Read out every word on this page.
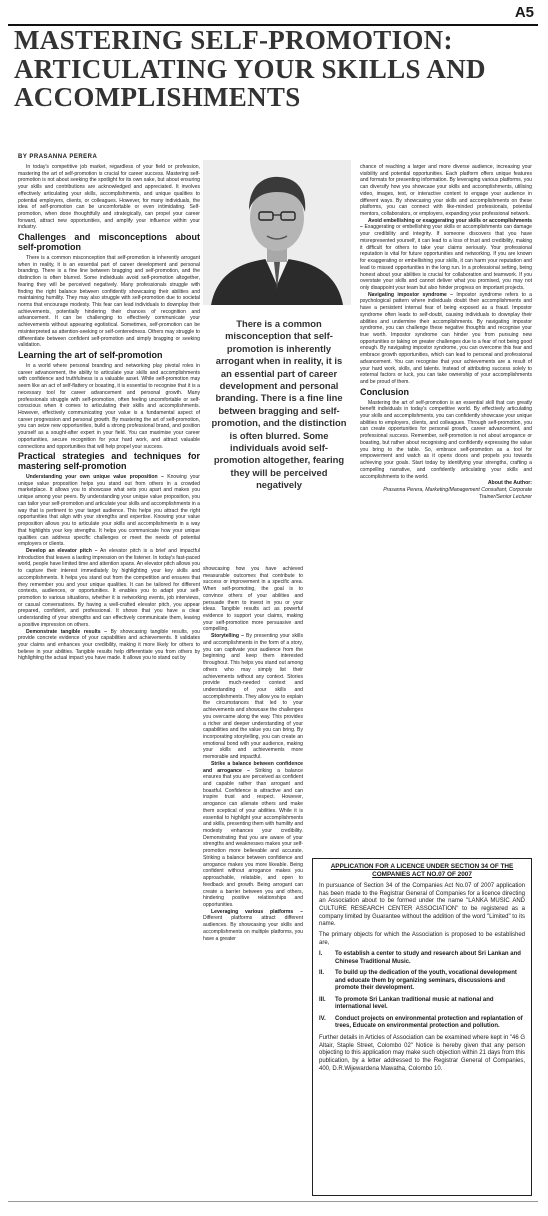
A5
MASTERING SELF-PROMOTION: ARTICULATING YOUR SKILLS AND ACCOMPLISHMENTS
BY PRASANNA PERERA

In today's competitive job market, regardless of your field or profession, mastering the art of self-promotion is crucial for career success. Mastering self-promotion is not about seeking the spotlight for its own sake, but about ensuring your skills and contributions are acknowledged and appreciated. It involves effectively articulating your skills, accomplishments, and unique qualities to potential employers, clients, or colleagues. However, for many individuals, the idea of self-promotion can be uncomfortable or even intimidating. Self-promotion, when done thoughtfully and strategically, can propel your career forward, attract new opportunities, and amplify your influence within your industry.

Challenges and misconceptions about self-promotion

There is a common misconception that self-promotion is inherently arrogant when in reality, it is an essential part of career development and personal branding. There is a fine line between bragging and self-promotion, and the distinction is often blurred. Some individuals avoid self-promotion altogether, fearing they will be perceived negatively. Many professionals struggle with finding the right balance between confidently showcasing their abilities and maintaining humility. They may also struggle with self-promotion due to societal norms that encourage modesty. This fear can lead individuals to downplay their achievements, potentially hindering their chances of recognition and advancement. It can be challenging to effectively communicate your achievements without appearing egotistical. Sometimes, self-promotion can be misinterpreted as attention-seeking or self-centeredness. Others may struggle to differentiate between confident self-promotion and simply bragging or seeking validation.

Learning the art of self-promotion

In a world where personal branding and networking play pivotal roles in career advancement, the ability to articulate your skills and accomplishments with confidence and truthfulness is a valuable asset. While self-promotion may seem like an act of self-flattery or boasting, it is essential to recognise that it is a necessary tool for career advancement and personal growth. Many professionals struggle with self-promotion, often feeling uncomfortable or self-conscious when it comes to articulating their skills and accomplishments. However, effectively communicating your value is a fundamental aspect of career progression and personal growth. By mastering the art of self-promotion, you can seize new opportunities, build a strong professional brand, and position yourself as a sought-after expert in your field. You can maximise your career opportunities, secure recognition for your hard work, and attract valuable connections and opportunities that will help propel your success.

Practical strategies and techniques for mastering self-promotion

Understanding your own unique value proposition – Knowing your unique value proposition helps you stand out from others in a crowded marketplace. It allows you to showcase what sets you apart and makes you unique among your peers. By understanding your unique value proposition, you can tailor your self-promotion and articulate your skills and accomplishments in a way that is pertinent to your target audience. This helps you attract the right opportunities that align with your strengths and expertise. Knowing your value proposition allows you to articulate your skills and accomplishments in a way that highlights your key strengths. It helps you communicate how your unique qualities can address specific challenges or meet the needs of potential employers or clients.

Develop an elevator pitch – An elevator pitch is a brief and impactful introduction that leaves a lasting impression on the listener. In today's fast-paced world, people have limited time and attention spans. An elevator pitch allows you to capture their interest immediately by highlighting your key skills and accomplishments. It helps you stand out from the competition and ensures that they remember you and your unique qualities. It can be tailored for different contexts, audiences, or opportunities. It enables you to adapt your self-promotion to various situations, whether it is networking events, job interviews, or casual conversations. By having a well-crafted elevator pitch, you appear prepared, confident, and professional. It shows that you have a clear understanding of your strengths and can effectively communicate them, leaving a positive impression on others.

Demonstrate tangible results – By showcasing tangible results, you provide concrete evidence of your capabilities and achievements. It validates your claims and enhances your credibility, making it more likely for others to believe in your abilities. Tangible results help differentiate you from others by highlighting the actual impact you have made. It allows you to stand out by

There is a common misconception that self-promotion is inherently arrogant when in reality, it is an essential part of career development and personal branding. There is a fine line between bragging and self-promotion, and the distinction is often blurred. Some individuals avoid self-promotion altogether, fearing they will be perceived negatively

showcasing how you have achieved measurable outcomes that contribute to success or improvement in a specific area. When self-promoting, the goal is to convince others of your abilities and persuade them to invest in you or your ideas. Tangible results act as powerful evidence to support your claims, making your self-promotion more persuasive and compelling.

Storytelling – By presenting your skills and accomplishments in the form of a story, you can captivate your audience from the beginning and keep them interested throughout. This helps you stand out among others who may simply list their achievements without any context. Stories provide much-needed context and understanding of your skills and accomplishments. They allow you to explain the circumstances that led to your achievements and showcase the challenges you overcame along the way. This provides a richer and deeper understanding of your capabilities and the value you can bring. By incorporating storytelling, you can create an emotional bond with your audience, making your skills and achievements more memorable and impactful.

Strike a balance between confidence and arrogance – Striking a balance ensures that you are perceived as confident and capable rather than arrogant and boastful. Confidence is attractive and can inspire trust and respect. However, arrogance can alienate others and make them sceptical of your abilities. While it is essential to highlight your accomplishments and skills, presenting them with humility and modesty enhances your credibility. Demonstrating that you are aware of your strengths and weaknesses makes your self-promotion more believable and accurate. Striking a balance between confidence and arrogance makes you more likeable. Being confident without arrogance makes you approachable, relatable, and open to feedback and growth. Being arrogant can create a barrier between you and others, hindering positive relationships and opportunities.

Leveraging various platforms – Different platforms attract different audiences. By showcasing your skills and accomplishments on multiple platforms, you have a greater

chance of reaching a larger and more diverse audience, increasing your visibility and potential opportunities. Each platform offers unique features and formats for presenting information. By leveraging various platforms, you can diversify how you showcase your skills and accomplishments, utilising video, images, text, or interactive content to engage your audience in different ways. By showcasing your skills and accomplishments on these platforms, you can connect with like-minded professionals, potential mentors, collaborators, or employers, expanding your professional network.

Avoid embellishing or exaggerating your skills or accomplishments – Exaggerating or embellishing your skills or accomplishments can damage your credibility and integrity. If someone discovers that you have misrepresented yourself, it can lead to a loss of trust and credibility, making it difficult for others to take your claims seriously. Your professional reputation is vital for future opportunities and networking. If you are known for exaggerating or embellishing your skills, it can harm your reputation and lead to missed opportunities in the long run. In a professional setting, being honest about your abilities is crucial for collaboration and teamwork. If you overstate your skills and cannot deliver what you promised, you may not only disappoint your team but also hinder progress on important projects.

Navigating impostor syndrome – Impostor syndrome refers to a psychological pattern where individuals doubt their accomplishments and have a persistent internal fear of being exposed as a fraud. Impostor syndrome often leads to self-doubt, causing individuals to downplay their abilities and undermine their accomplishments. By navigating impostor syndrome, you can challenge these negative thoughts and recognise your true worth. Impostor syndrome can hinder you from pursuing new opportunities or taking on greater challenges due to a fear of not being good enough. By navigating impostor syndrome, you can overcome this fear and embrace growth opportunities, which can lead to personal and professional advancement. You can recognise that your achievements are a result of your hard work, skills, and talents. Instead of attributing success solely to external factors or luck, you can take ownership of your accomplishments and be proud of them.

Conclusion

Mastering the art of self-promotion is an essential skill that can greatly benefit individuals in today's competitive world. By effectively articulating your skills and accomplishments, you can confidently showcase your unique abilities to employers, clients, and colleagues. Through self-promotion, you can create opportunities for personal growth, career advancement, and professional success. Remember, self-promotion is not about arrogance or boasting, but rather about recognising and confidently expressing the value you bring to the table. So, embrace self-promotion as a tool for empowerment and watch as it opens doors and propels you towards achieving your goals. Start today by identifying your strengths, crafting a compelling narrative, and confidently articulating your skills and accomplishments to the world.

About the Author:
Prasanna Perera, Marketing/Management Consultant, Corporate Trainer/Senior Lecturer
APPLICATION FOR A LICENCE UNDER SECTION 34 OF THE COMPANIES ACT NO.07 OF 2007

In pursuance of Section 34 of the Companies Act No.07 of 2007 application has been made to the Registrar General of Companies for a licence directing an Association about to be formed under the name "LANKA MUSIC AND CULTURE RESEARCH CENTER ASSOCIATION" to be registered as a company limited by Guarantee without the addition of the word "Limited" to its name.

The primary objects for which the Association is proposed to be established are,

I.	To establish a center to study and research about Sri Lankan and Chinese Traditional Music.
II.	To build up the dedication of the youth, vocational development and educate them by organizing seminars, discussions and promote their development.
III.	To promote Sri Lankan traditional music at national and international level.
IV.	Conduct projects on environmental protection and replantation of trees, Educate on environmental protection and pollution.

Further details in Articles of Association can be examined where kept in "46 G Altair, Staple Street, Colombo 02" Notice is hereby given that any person objecting to this application may make such objection within 21 days from this publication, by a letter addressed to the Registrar General of Companies, 400, D.R.Wijewardena Mawatha, Colombo 10.
